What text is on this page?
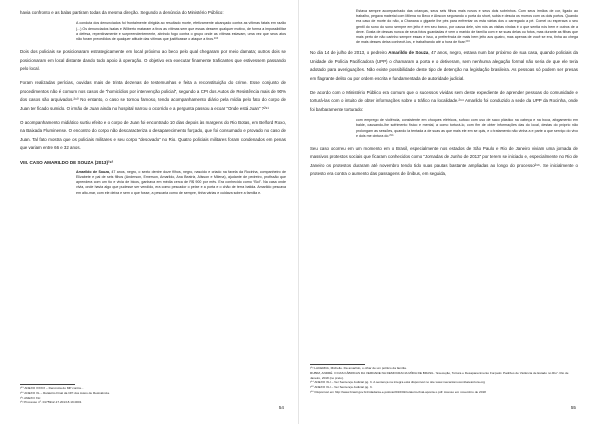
havia confronto e as balas partiram todas da mesma direção. Segundo a denúncia do Ministério Público:

A conduta dos denunciados foi frontalmente dirigida ao resultado morte, efetivamente alcançado contra as vítimas fatais em razão (...) Os denunciados Isaias e Wilberto mataram a tiros as vítimas sem que essas dessem qualquer motivo, de forma a impossibilitar a defesa, repentinamente e surpreendentemente, abrindo fogo contra o grupo onde as vítimas estavam, uma vez que seus atos não foram precedidos de qualquer atitude das vítimas que justificasse o ataque a tiros.²⁸⁹

Dois dos policiais se posicionaram estrategicamente em local próximo ao beco pelo qual chegaram por meio damata; outros dois se posicionaram em local distante dando todo apoio à operação. O objetivo era executar finamente traficantes que estivessem passando pelo local.

Foram realizadas perícias, ouvidas mais de trinta dezenas de testemunhas e feita a reconstituição do crime. Esse conjunto de procedimentos não é comum nos casos de “homicídios por intervenção policial”, segundo a CPI dos Autos de Resistência mais de 90% dos casos são arquivados.²⁹⁰ No entanto, o caso se tornou famoso, tendo acompanhamento diário pela mídia pelo fato do corpo de Juan ter ficado sumido. O irmão de Juan ainda no hospital narrou o ocorrido e a pergunta passou a ecoar “Onde está Juan” ?²⁹¹

O acompanhamento midiático surtiu efeito e o corpo de Juan foi encontrado 10 dias depois às margens do Rio Botas, em Belford Roxo, na Baixada Fluminense. O encontro do corpo não descaracteriza o desaparecimento forçado, que foi consumado e provado no caso de Juan. Tal fato mostra que os policiais militares e seu corpo “desovado” no Rio. Quatro policiais militares foram condenados em penas que variam entre 66 e 32 anos.

VIII. CASO AMARILDO DE SOUZA (2013)²⁹²

Amarildo de Souza, 47 anos, negro, o sexto dentre doze filhos, negro, nascido e criado na favela da Rocinha, companheiro de Elizabete e pai de seis filhos (Anderson, Emerson, Amarildo, Ana Beatriz, Alisson e Milena), ajudante de pedreiro, profissão que aprendera com um tio e vivia de bicos, ganhava em média cerca de R$ 900 por mês. Era conhecido como “Boi”. Na casa onde vivia, onde havia algo que pudesse ser vendido, era como pescador o peixe e a porta e o chão de terra batida. Amarildo pescava em alto-mar, com ele deixa e sem o que fosse, a pescaria como de sempre, tinha várias e cuidava sobre a família e.

²⁸⁹ ANEXO XXXIX – Denúncia do MP contra...

²⁹⁰ ANEXO XL – Relatório Final da CPI dos Autos de Resistência.

²⁹¹ ANEXO XLI

²⁹² Processo nº. 0175912-17.2013.8.19.0001

54

Estava sempre acompanhado das crianças, seus seis filhos mais novos e seus dois sobrinhos. Com seus irmãos de cor, ligado ao trabalho, pegava material com Milena no Beco e Abscon segurando o porta do short, subia e descia os morros com os dois portos. Quando era caso de morte do não, a Chanana o gigante lhe pés para enfrentar os esta várias dos o carregado a pé. Comei ou esperava o seu gentil do sono do sono sempre em jeito é em seu barco, por causa dele, sim nós as visitas vindas é o que sentia nós bem e outros de a deve. Gosta de dessas nunca de seus fotos guardadas é vem o marido de família com e se suas delas ou fotos, mas durante as filhas que mais perto de não carinho sempre essas e isso, a preferência de mais bem jeito aos quatro, mas apenas de você se era, tinha ao chega de mais desses deixa conhecê-los, e trabalhando até a hora de ficar.²⁹³

No dia 14 de julho de 2013, o pedreiro Amarildo de Souza, 47 anos, negro, estava num bar próximo de sua casa, quando policiais da Unidade de Polícia Pacificadora (UPP) o chamaram a porta e o detiveram, sem nenhuma alegação formal não seria de que ele teria adotado para averiguações. Não existe possibilidade deste tipo de detenção na legislação brasileira. As pessoas só podem ser presas em flagrante delito ou por ordem escrita e fundamentada de autoridade judicial.

De acordo com o Ministério Público era comum que o sucessos vividas sem deste expediente de aprender pessoas do comunidade e torturá-las com o intuito de obter informações sobre o tráfico na localidade.²⁹⁴ Amarildo foi conduzido a sede da UPP da Rocinha, onde foi barbaramente torturado:

com emprego de violência, consistente em choques elétricos, sufoco com uso de saco plástico na cabeça e na boca, afogamento em balde, causando-lhe sofrimento físico e mental, a como torturá-lo, com fim de obter informações das do local, destas do próprio não prolongam as sessões, quando ia tentada a de suas as que mais ele em se quis, e o tratamento não vinha a e parte a que serviço do vivo e dois me cintura do.²⁹⁵

Seu caso ocorreu em um momento em o Brasil, especialmente nos estados de São Paulo e Rio de Janeiro viviam uma jornada de massivos protestos sociais que ficaram conhecidos como “Jornadas de Junho de 2013” por terem se iniciado e, especialmente no Rio de Janeiro os protestos duraram até novembro tendo tido suas pautas bastante ampliadas ao longo do processo²⁹⁶. Se inicialmente o protesto era contra o aumento das passagens de ônibus, em seguida,

²⁹³ LACERDA, Michelle. Da amarildo, o olhar de um político da família.

RUBIM, ANDRÉ. O DAS FÁBRICAS DA VERDADE NA DEMOCRACIA MÍDIA DE BRASIL. “Execução, Tortura e Desaparecimento Forçado: Padrões de Violência de Estado no Rio”. Rio de Janeiro, 2018 (no prelo).

²⁹⁴ ANEXO XLI – Ver Sentença Judicial pg. 3. A sentença na íntegra está disponível no site www.mecanismocombatetortura.org

²⁹⁵ ANEXO XLI – Ver Sentença Judicial pg. 3.

²⁹⁶ Disponível em http://www.brasil.gov.br/cidadania-e-justica/2016/02/relatorio-final-aponta-x.pdf. Acesso em novembro de 2018

55
